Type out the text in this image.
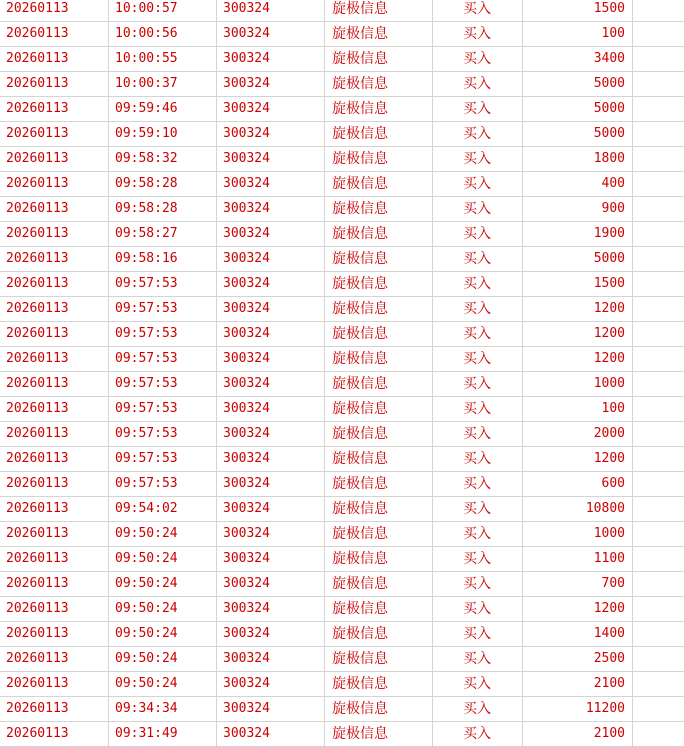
20260113	10:00:57	300324	旋极信息	买入	1500
20260113	10:00:56	300324	旋极信息	买入	100
20260113	10:00:55	300324	旋极信息	买入	3400
20260113	10:00:37	300324	旋极信息	买入	5000
20260113	09:59:46	300324	旋极信息	买入	5000
20260113	09:59:10	300324	旋极信息	买入	5000
20260113	09:58:32	300324	旋极信息	买入	1800
20260113	09:58:28	300324	旋极信息	买入	400
20260113	09:58:28	300324	旋极信息	买入	900
20260113	09:58:27	300324	旋极信息	买入	1900
20260113	09:58:16	300324	旋极信息	买入	5000
20260113	09:57:53	300324	旋极信息	买入	1500
20260113	09:57:53	300324	旋极信息	买入	1200
20260113	09:57:53	300324	旋极信息	买入	1200
20260113	09:57:53	300324	旋极信息	买入	1200
20260113	09:57:53	300324	旋极信息	买入	1000
20260113	09:57:53	300324	旋极信息	买入	100
20260113	09:57:53	300324	旋极信息	买入	2000
20260113	09:57:53	300324	旋极信息	买入	1200
20260113	09:57:53	300324	旋极信息	买入	600
20260113	09:54:02	300324	旋极信息	买入	10800
20260113	09:50:24	300324	旋极信息	买入	1000
20260113	09:50:24	300324	旋极信息	买入	1100
20260113	09:50:24	300324	旋极信息	买入	700
20260113	09:50:24	300324	旋极信息	买入	1200
20260113	09:50:24	300324	旋极信息	买入	1400
20260113	09:50:24	300324	旋极信息	买入	2500
20260113	09:50:24	300324	旋极信息	买入	2100
20260113	09:34:34	300324	旋极信息	买入	11200
20260113	09:31:49	300324	旋极信息	买入	2100
